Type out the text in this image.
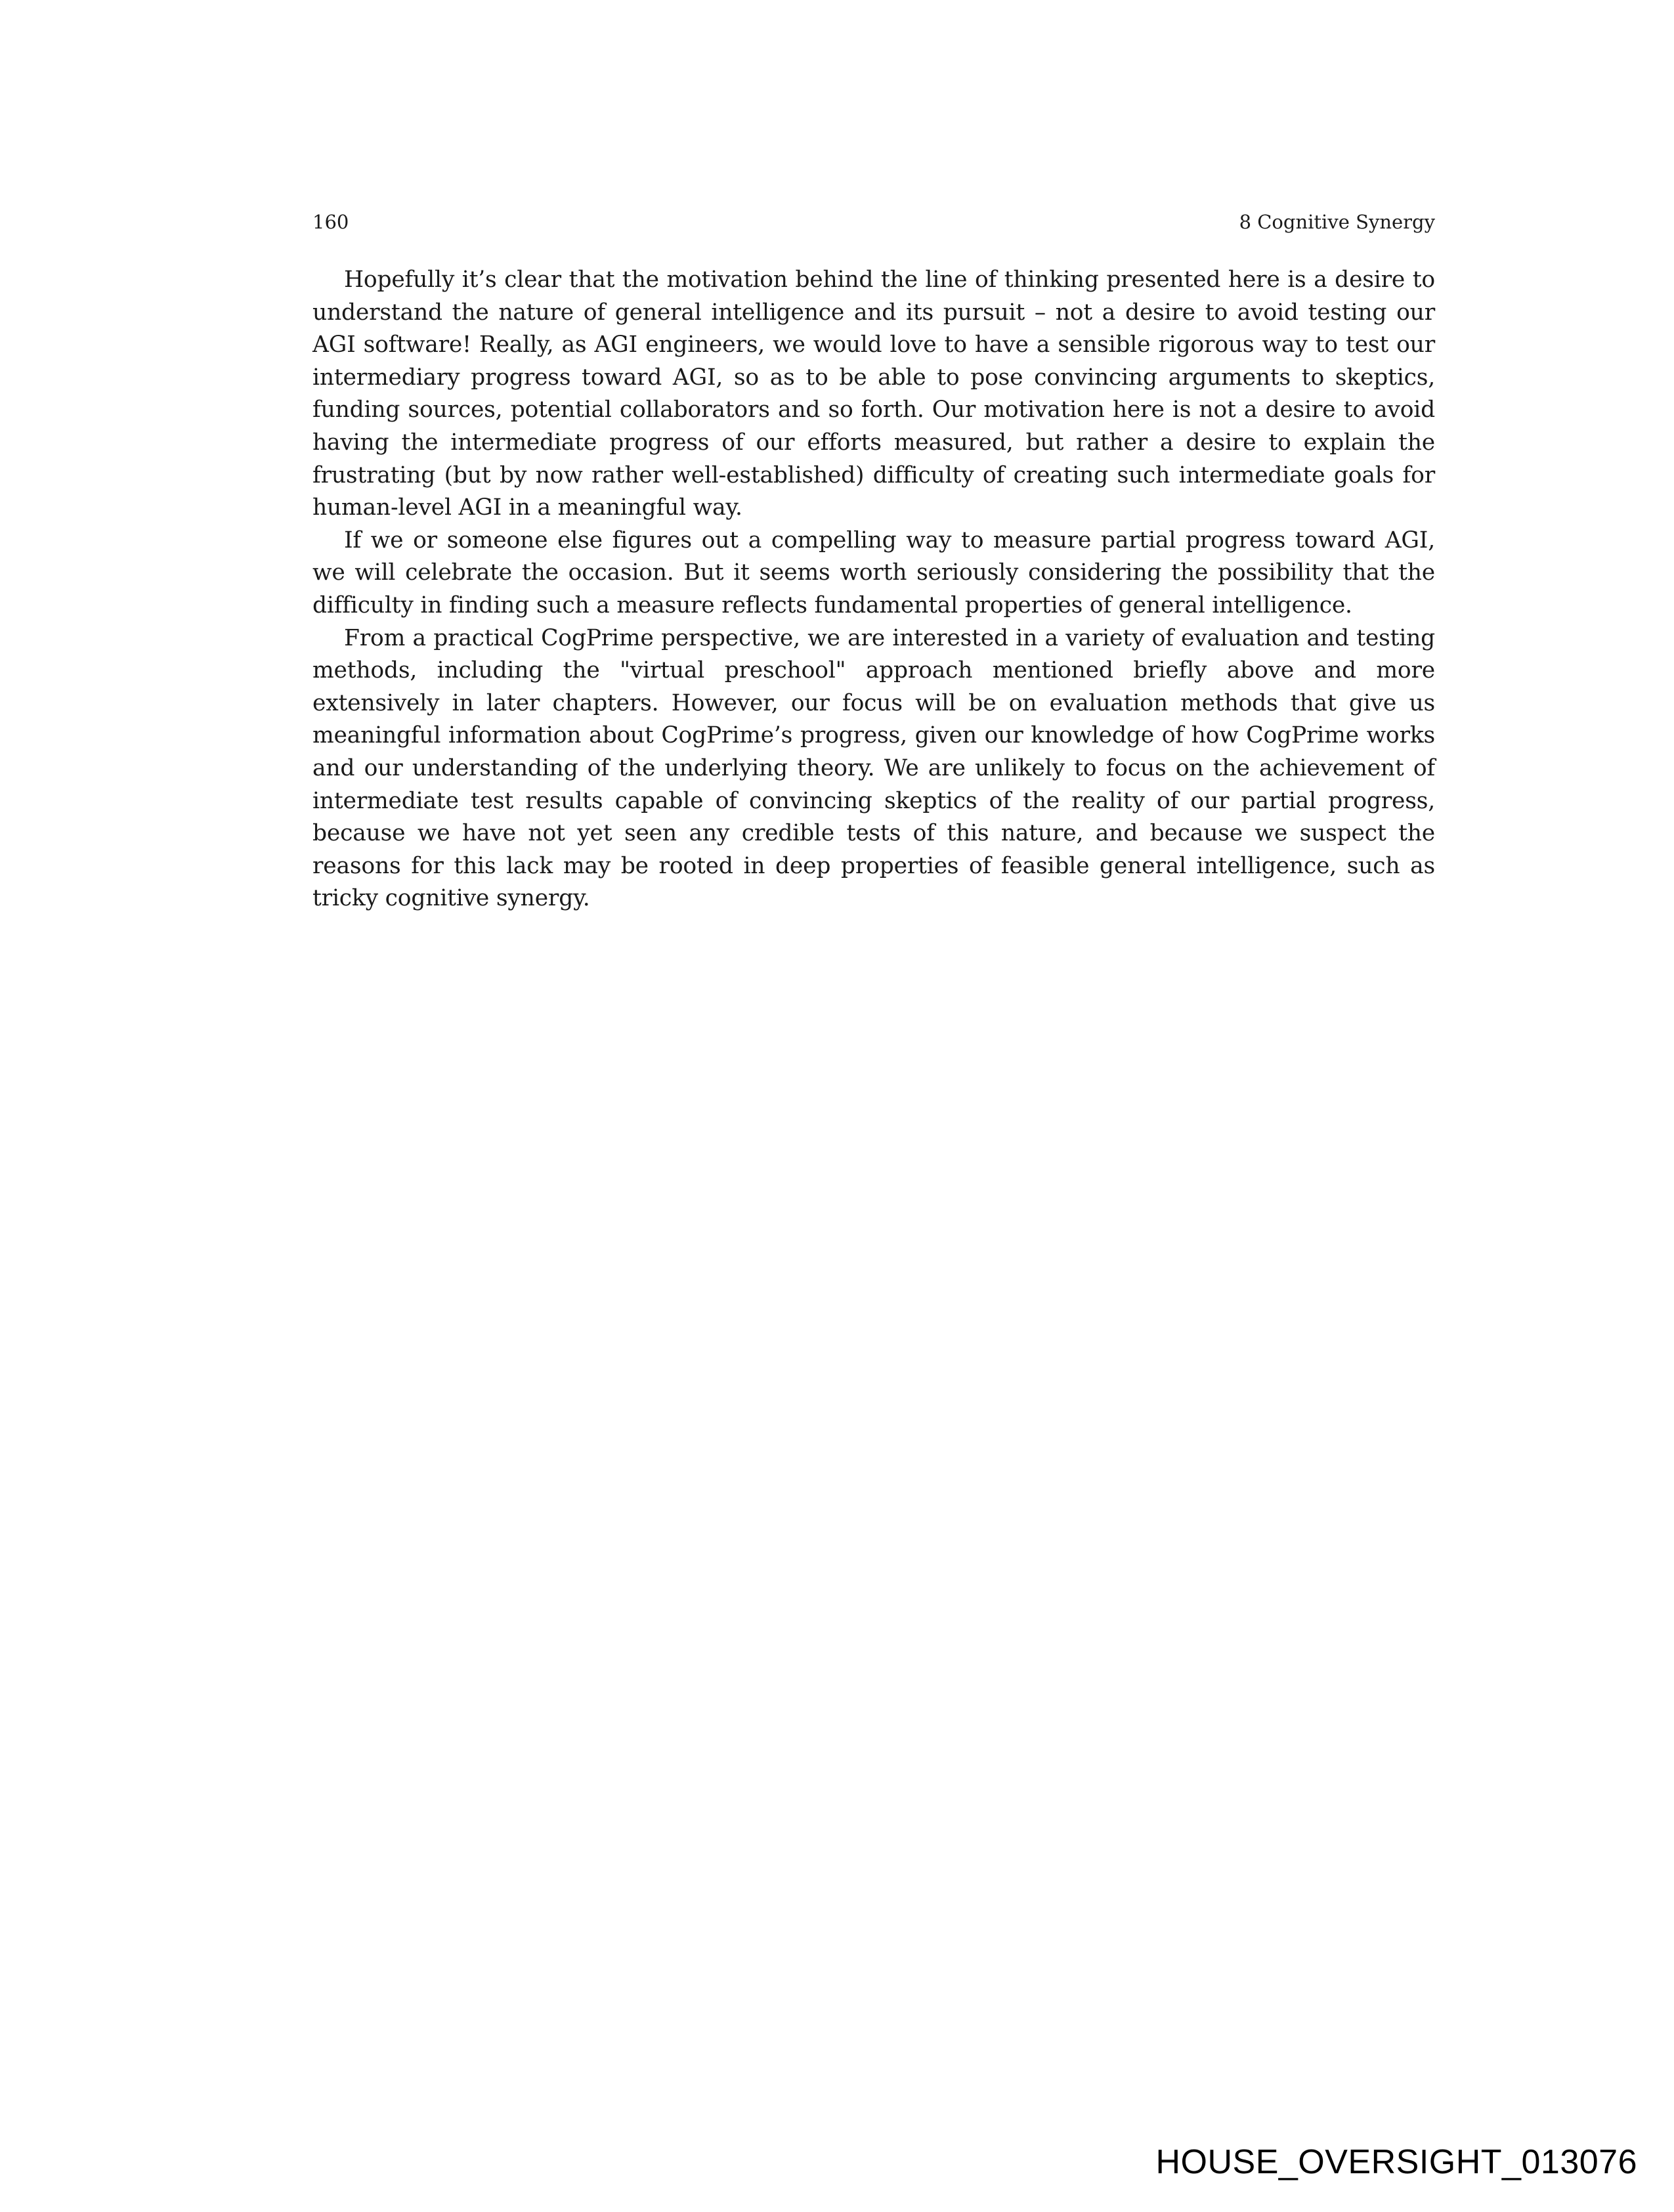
160	8 Cognitive Synergy

Hopefully it’s clear that the motivation behind the line of thinking presented here is a desire to understand the nature of general intelligence and its pursuit – not a desire to avoid testing our AGI software! Really, as AGI engineers, we would love to have a sensible rigorous way to test our intermediary progress toward AGI, so as to be able to pose convincing arguments to skeptics, funding sources, potential collaborators and so forth. Our motivation here is not a desire to avoid having the intermediate progress of our efforts measured, but rather a desire to explain the frustrating (but by now rather well-established) difficulty of creating such intermediate goals for human-level AGI in a meaningful way.

If we or someone else figures out a compelling way to measure partial progress toward AGI, we will celebrate the occasion. But it seems worth seriously considering the possibility that the difficulty in finding such a measure reflects fundamental properties of general intelligence.

From a practical CogPrime perspective, we are interested in a variety of evaluation and testing methods, including the "virtual preschool" approach mentioned briefly above and more extensively in later chapters. However, our focus will be on evaluation methods that give us meaningful information about CogPrime’s progress, given our knowledge of how CogPrime works and our understanding of the underlying theory. We are unlikely to focus on the achievement of intermediate test results capable of convincing skeptics of the reality of our partial progress, because we have not yet seen any credible tests of this nature, and because we suspect the reasons for this lack may be rooted in deep properties of feasible general intelligence, such as tricky cognitive synergy.

HOUSE_OVERSIGHT_013076
